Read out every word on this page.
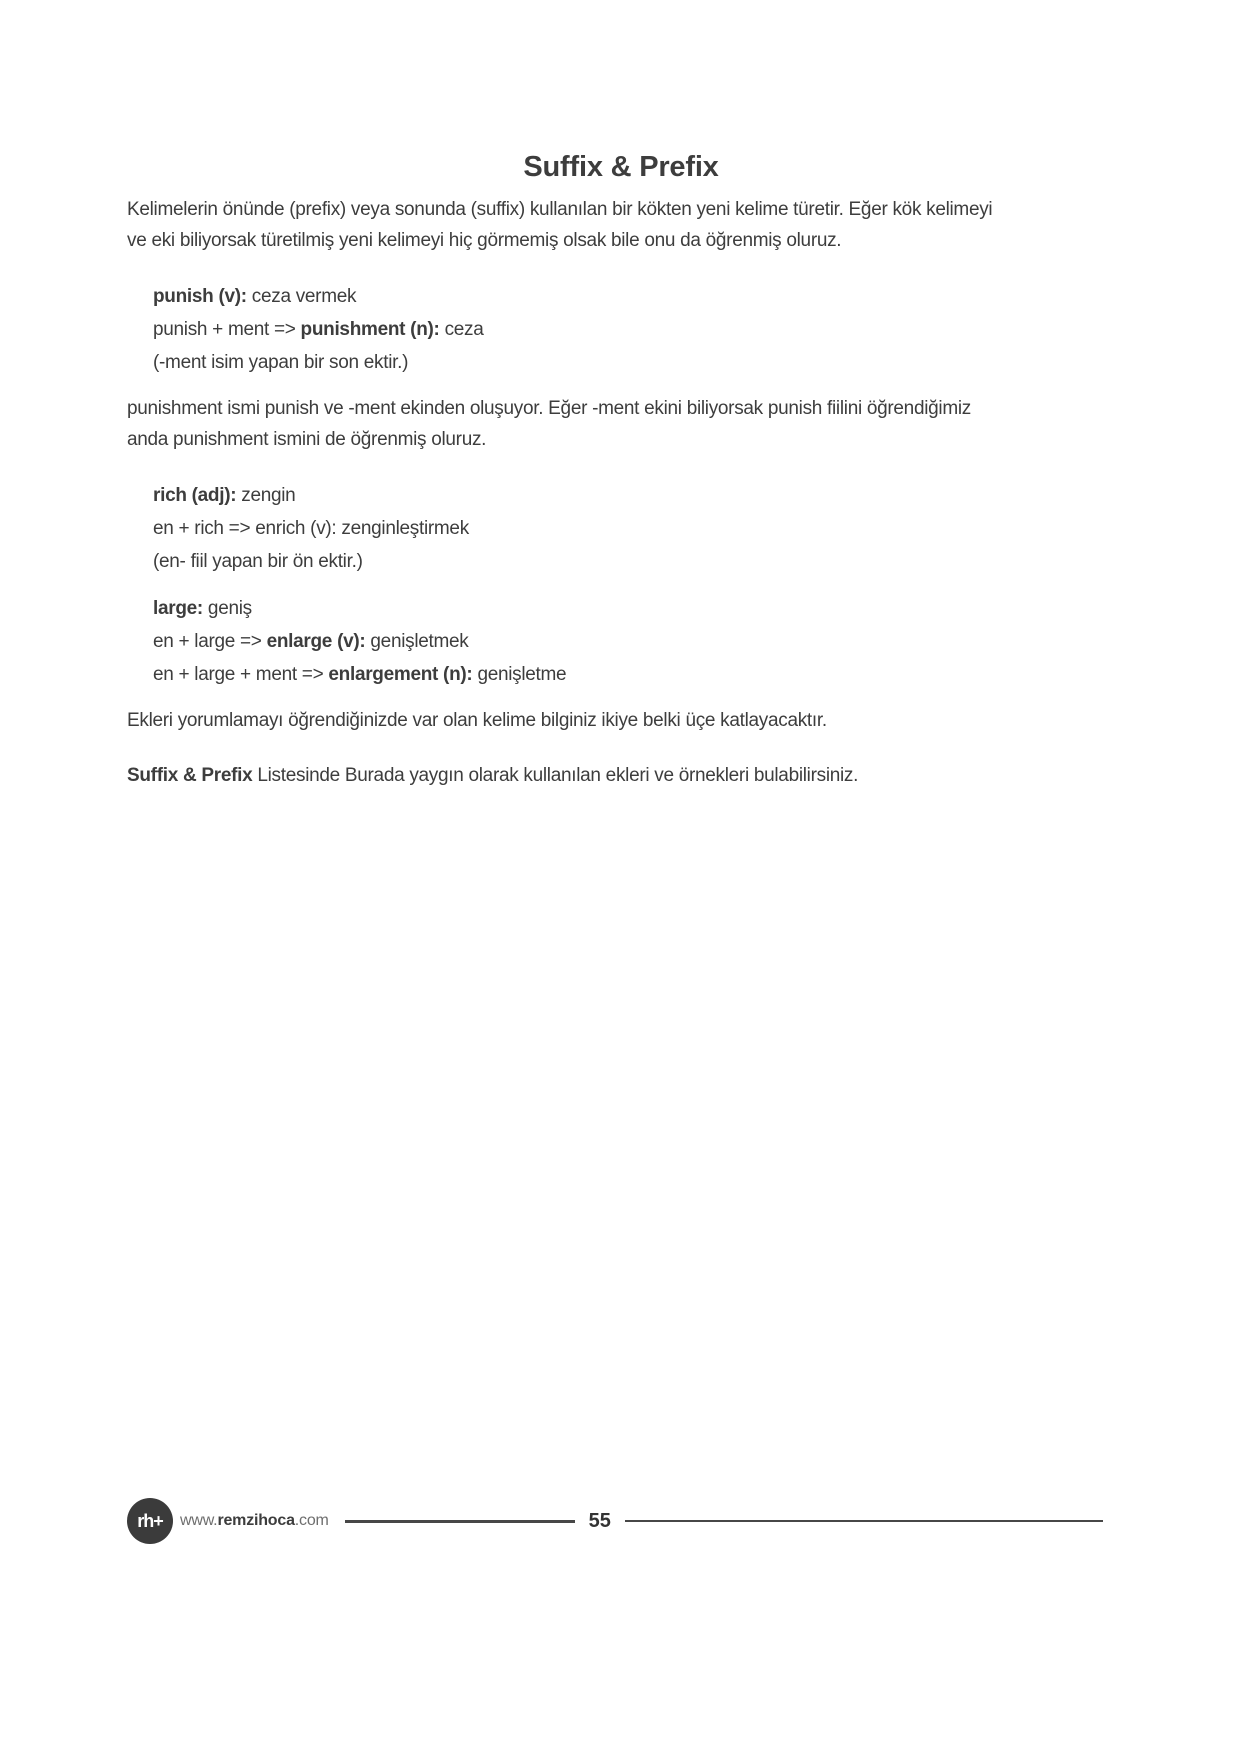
Suffix & Prefix
Kelimelerin önünde (prefix) veya sonunda (suffix) kullanılan bir kökten yeni kelime türetir. Eğer kök kelimeyi
ve eki biliyorsak türetilmiş yeni kelimeyi hiç görmemiş olsak bile onu da öğrenmiş oluruz.
punish (v): ceza vermek
punish + ment => punishment (n): ceza
(-ment isim yapan bir son ektir.)
punishment ismi punish ve -ment ekinden oluşuyor. Eğer -ment ekini biliyorsak punish fiilini öğrendiğimiz
anda punishment ismini de öğrenmiş oluruz.
rich (adj): zengin
en + rich => enrich (v): zenginleştirmek
(en- fiil yapan bir ön ektir.)
large: geniş
en + large => enlarge (v): genişletmek
en + large + ment => enlargement (n): genişletme
Ekleri yorumlamayı öğrendiğinizde var olan kelime bilginiz ikiye belki üçe katlayacaktır.
Suffix & Prefix Listesinde Burada yaygın olarak kullanılan ekleri ve örnekleri bulabilirsiniz.
rh+	www.remzihoca.com	55
